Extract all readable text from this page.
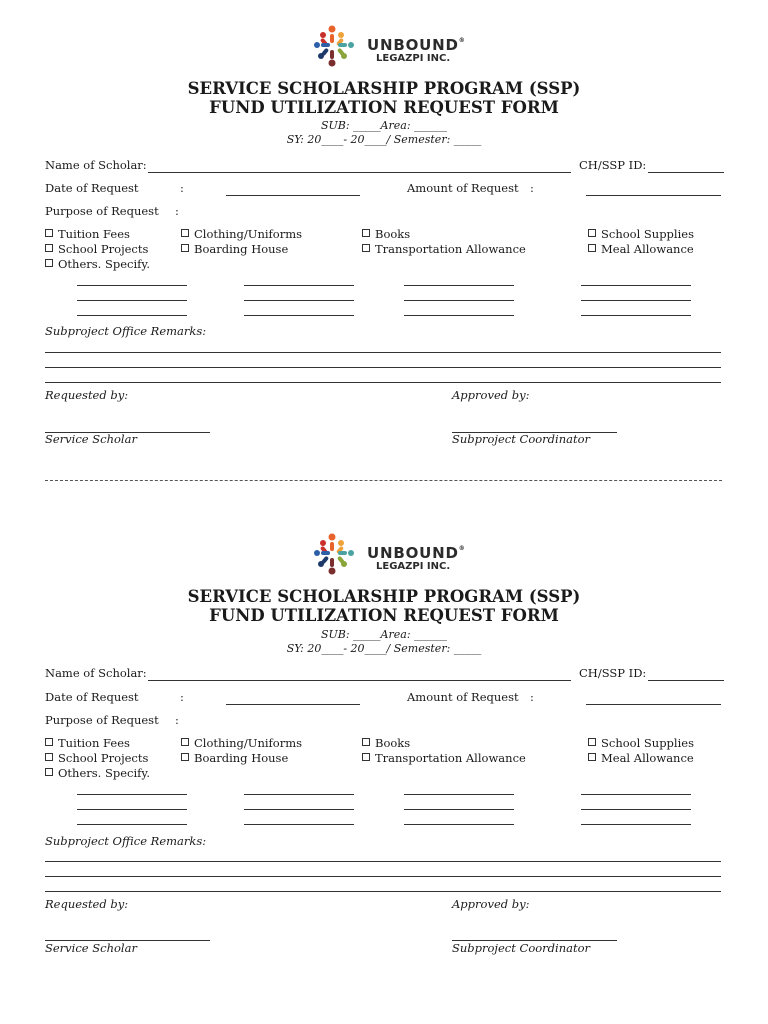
UNBOUND®
LEGAZPI INC.
SERVICE SCHOLARSHIP PROGRAM (SSP)
FUND UTILIZATION REQUEST FORM
SUB: _____Area: ______
SY: 20____- 20____/ Semester: _____
Name of Scholar:	CH/SSP ID:
Date of Request	:	Amount of Request :
Purpose of Request :
Tuition Fees	Clothing/Uniforms	Books	School Supplies
School Projects	Boarding House	Transportation Allowance	Meal Allowance
Others. Specify.
Subproject Office Remarks:
Requested by:	Approved by:
Service Scholar	Subproject Coordinator
UNBOUND®
LEGAZPI INC.
SERVICE SCHOLARSHIP PROGRAM (SSP)
FUND UTILIZATION REQUEST FORM
SUB: _____Area: ______
SY: 20____- 20____/ Semester: _____
Name of Scholar:	CH/SSP ID:
Date of Request	:	Amount of Request :
Purpose of Request :
Tuition Fees	Clothing/Uniforms	Books	School Supplies
School Projects	Boarding House	Transportation Allowance	Meal Allowance
Others. Specify.
Subproject Office Remarks:
Requested by:	Approved by:
Service Scholar	Subproject Coordinator
